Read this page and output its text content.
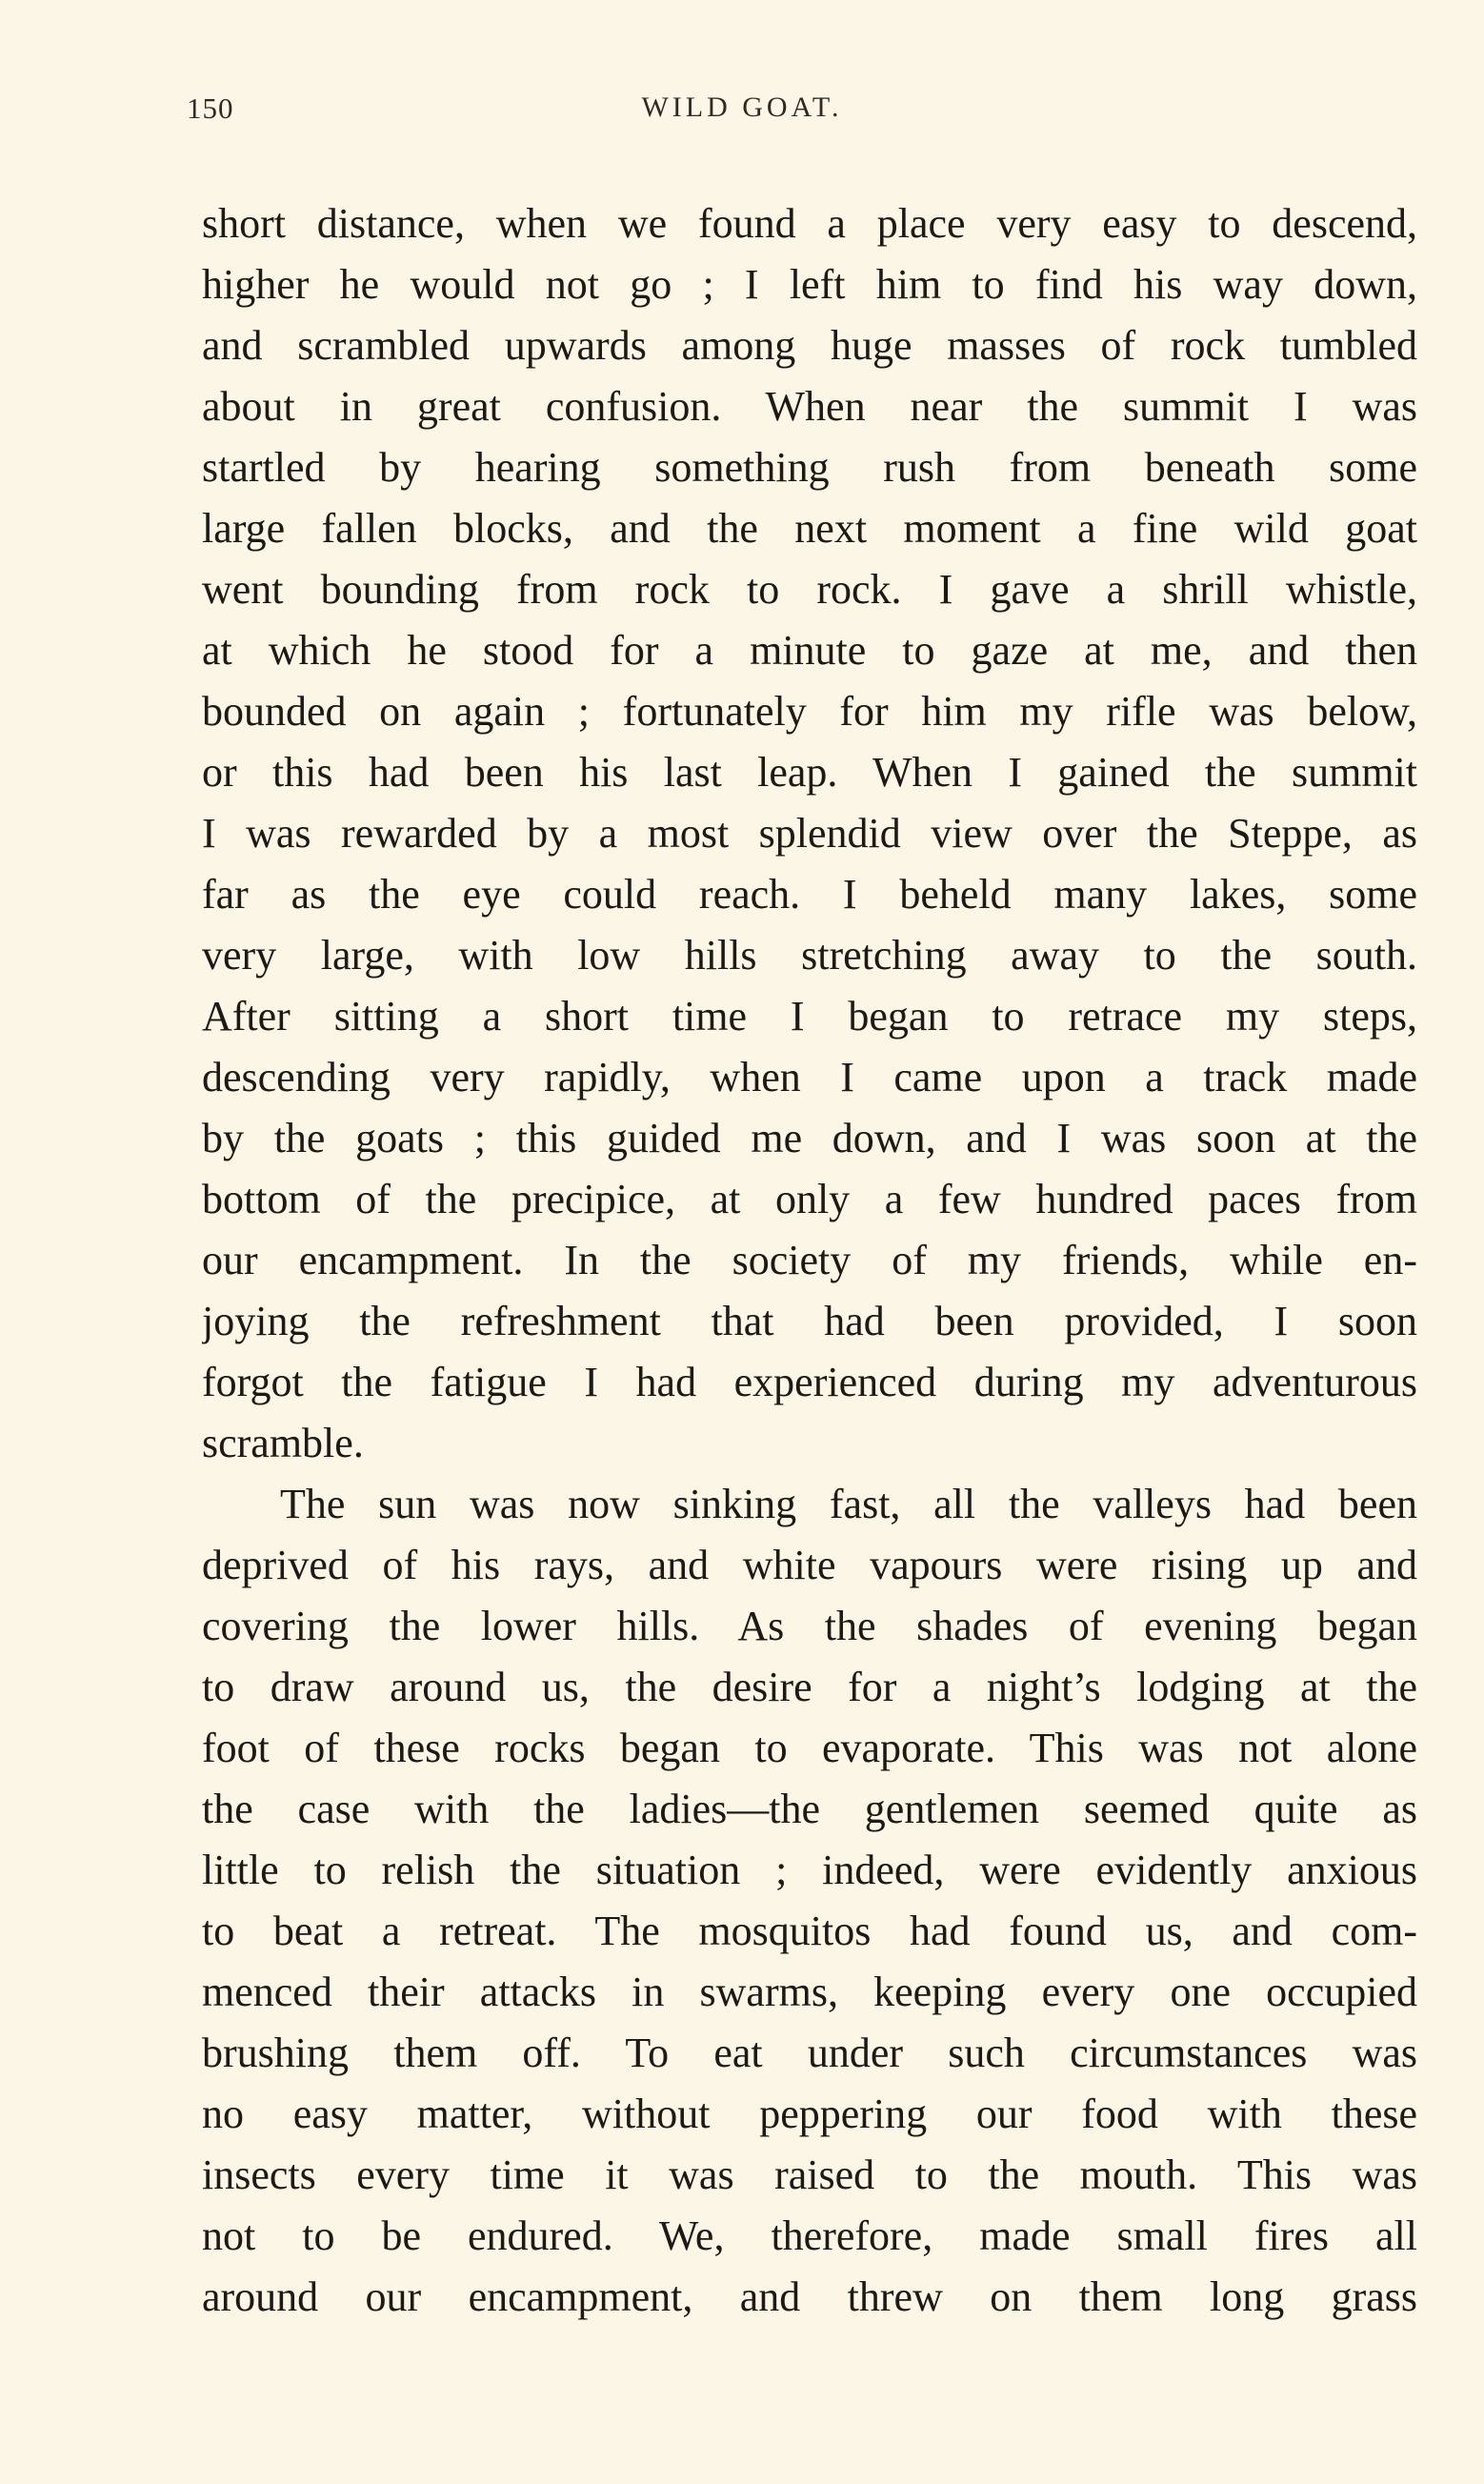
150	WILD GOAT.
short distance, when we found a place very easy to descend,
higher he would not go ; I left him to find his way down,
and scrambled upwards among huge masses of rock tumbled
about in great confusion. When near the summit I was
startled by hearing something rush from beneath some
large fallen blocks, and the next moment a fine wild goat
went bounding from rock to rock. I gave a shrill whistle,
at which he stood for a minute to gaze at me, and then
bounded on again ; fortunately for him my rifle was below,
or this had been his last leap. When I gained the summit
I was rewarded by a most splendid view over the Steppe, as
far as the eye could reach. I beheld many lakes, some
very large, with low hills stretching away to the south.
After sitting a short time I began to retrace my steps,
descending very rapidly, when I came upon a track made
by the goats ; this guided me down, and I was soon at the
bottom of the precipice, at only a few hundred paces from
our encampment. In the society of my friends, while en-
joying the refreshment that had been provided, I soon
forgot the fatigue I had experienced during my adventurous
scramble.
The sun was now sinking fast, all the valleys had been
deprived of his rays, and white vapours were rising up and
covering the lower hills. As the shades of evening began
to draw around us, the desire for a night’s lodging at the
foot of these rocks began to evaporate. This was not alone
the case with the ladies—the gentlemen seemed quite as
little to relish the situation ; indeed, were evidently anxious
to beat a retreat. The mosquitos had found us, and com-
menced their attacks in swarms, keeping every one occupied
brushing them off. To eat under such circumstances was
no easy matter, without peppering our food with these
insects every time it was raised to the mouth. This was
not to be endured. We, therefore, made small fires all
around our encampment, and threw on them long grass
